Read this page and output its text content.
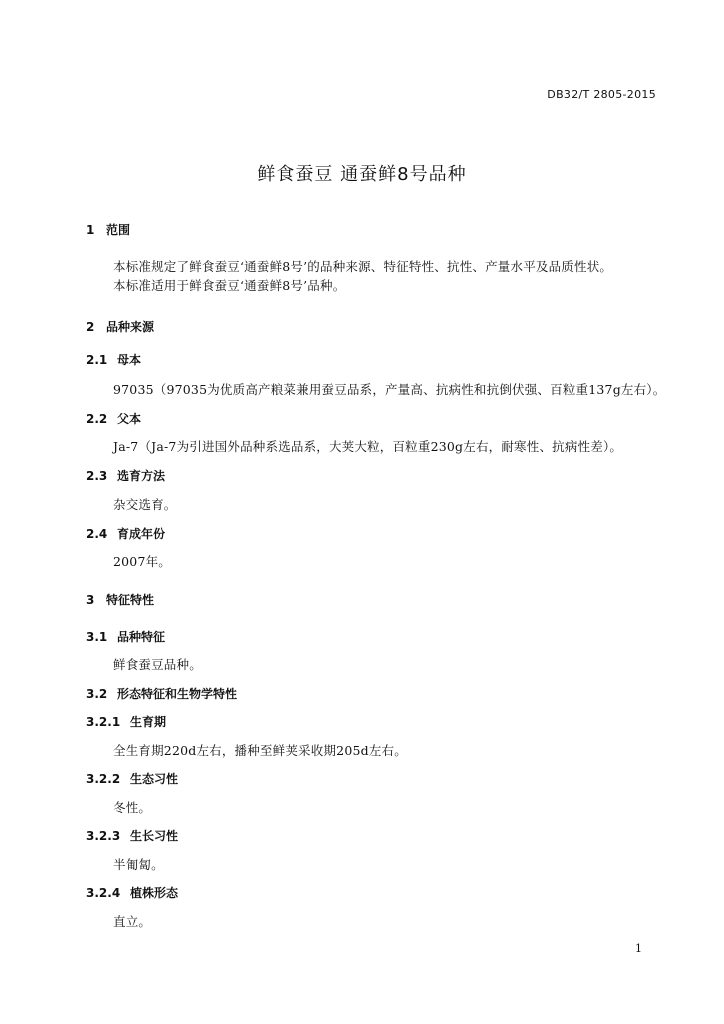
DB32/T 2805-2015
鲜食蚕豆 通蚕鲜8号品种
1 范围
本标准规定了鲜食蚕豆‘通蚕鲜8号’的品种来源、特征特性、抗性、产量水平及品质性状。
本标准适用于鲜食蚕豆‘通蚕鲜8号’品种。
2 品种来源
2.1 母本
97035（97035为优质高产粮菜兼用蚕豆品系，产量高、抗病性和抗倒伏强、百粒重137g左右）。
2.2 父本
Ja-7（Ja-7为引进国外品种系选品系，大荚大粒，百粒重230g左右，耐寒性、抗病性差）。
2.3 选育方法
杂交选育。
2.4 育成年份
2007年。
3 特征特性
3.1 品种特征
鲜食蚕豆品种。
3.2 形态特征和生物学特性
3.2.1 生育期
全生育期220d左右，播种至鲜荚采收期205d左右。
3.2.2 生态习性
冬性。
3.2.3 生长习性
半匍匐。
3.2.4 植株形态
直立。
1
